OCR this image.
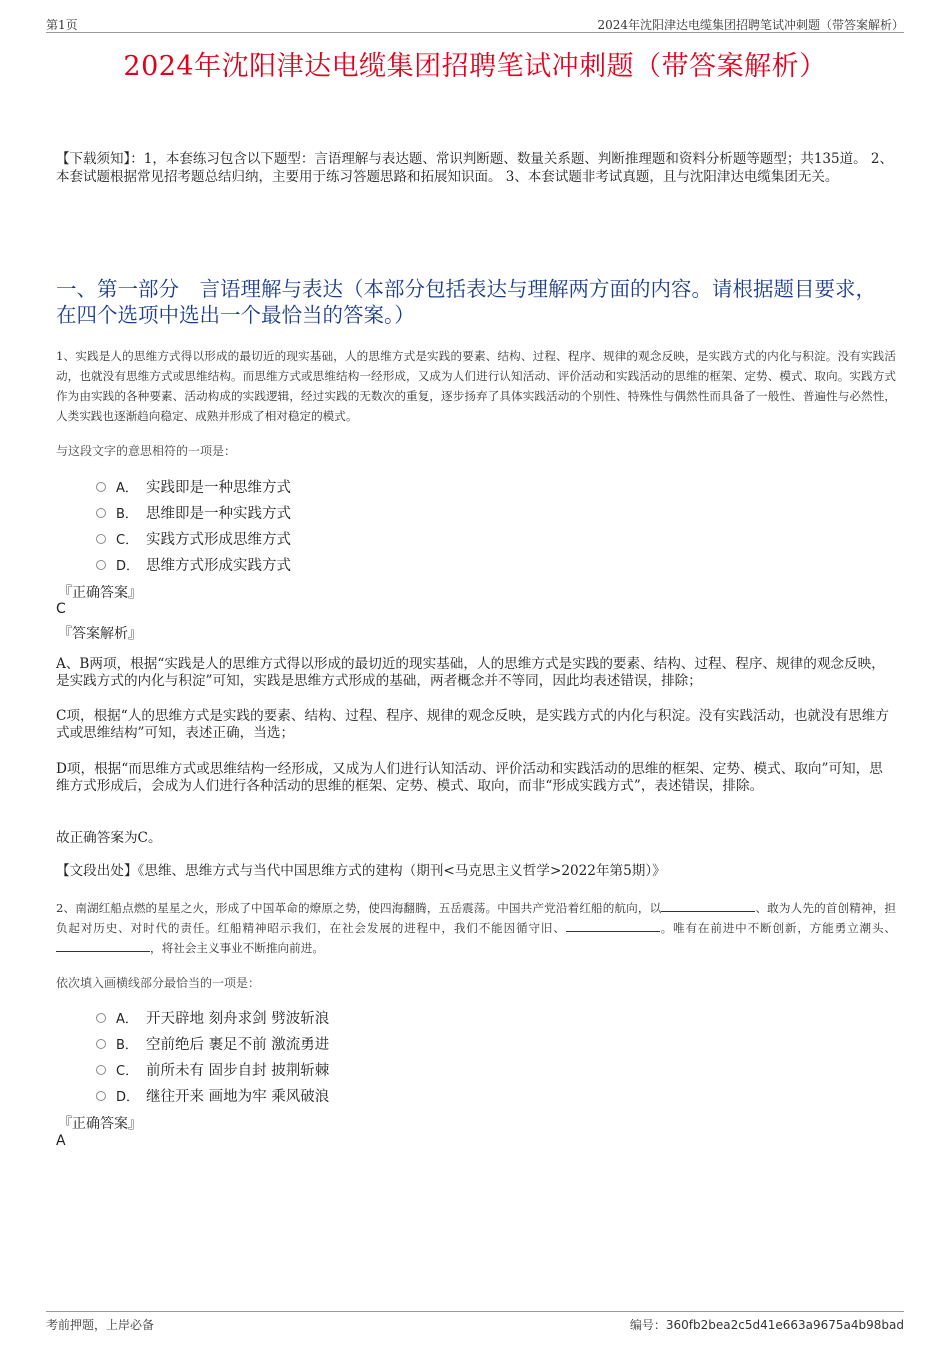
第1页	2024年沈阳津达电缆集团招聘笔试冲刺题（带答案解析）
2024年沈阳津达电缆集团招聘笔试冲刺题（带答案解析）
【下载须知】：1，本套练习包含以下题型：言语理解与表达题、常识判断题、数量关系题、判断推理题和资料分析题等题型；共135道。 2、本套试题根据常见招考题总结归纳，主要用于练习答题思路和拓展知识面。 3、本套试题非考试真题，且与沈阳津达电缆集团无关。
一、第一部分　言语理解与表达（本部分包括表达与理解两方面的内容。请根据题目要求，在四个选项中选出一个最恰当的答案。）
1、实践是人的思维方式得以形成的最切近的现实基础，人的思维方式是实践的要素、结构、过程、程序、规律的观念反映，是实践方式的内化与积淀。没有实践活动，也就没有思维方式或思维结构。而思维方式或思维结构一经形成，又成为人们进行认知活动、评价活动和实践活动的思维的框架、定势、模式、取向。实践方式作为由实践的各种要素、活动构成的实践逻辑，经过实践的无数次的重复，逐步扬弃了具体实践活动的个别性、特殊性与偶然性而具备了一般性、普遍性与必然性，人类实践也逐渐趋向稳定、成熟并形成了相对稳定的模式。
与这段文字的意思相符的一项是：
A． 实践即是一种思维方式
B． 思维即是一种实践方式
C． 实践方式形成思维方式
D． 思维方式形成实践方式
『正确答案』
C
『答案解析』
A、B两项，根据“实践是人的思维方式得以形成的最切近的现实基础，人的思维方式是实践的要素、结构、过程、程序、规律的观念反映，是实践方式的内化与积淀”可知，实践是思维方式形成的基础，两者概念并不等同，因此均表述错误，排除；
C项，根据“人的思维方式是实践的要素、结构、过程、程序、规律的观念反映，是实践方式的内化与积淀。没有实践活动，也就没有思维方式或思维结构”可知，表述正确，当选；
D项，根据“而思维方式或思维结构一经形成，又成为人们进行认知活动、评价活动和实践活动的思维的框架、定势、模式、取向”可知，思维方式形成后，会成为人们进行各种活动的思维的框架、定势、模式、取向，而非“形成实践方式”，表述错误，排除。
故正确答案为C。
【文段出处】《思维、思维方式与当代中国思维方式的建构（期刊<马克思主义哲学>2022年第5期）》
2、南湖红船点燃的星星之火，形成了中国革命的燎原之势，使四海翻腾，五岳震荡。中国共产党沿着红船的航向，以	、敢为人先的首创精神，担负起对历史、对时代的责任。红船精神昭示我们，在社会发展的进程中，我们不能因循守旧、	。唯有在前进中不断创新，方能勇立潮头、，将社会主义事业不断推向前进。
依次填入画横线部分最恰当的一项是：
A． 开天辟地 刻舟求剑 劈波斩浪
B． 空前绝后 裹足不前 激流勇进
C． 前所未有 固步自封 披荆斩棘
D． 继往开来 画地为牢 乘风破浪
『正确答案』
A
考前押题，上岸必备	编号：360fb2bea2c5d41e663a9675a4b98bad
